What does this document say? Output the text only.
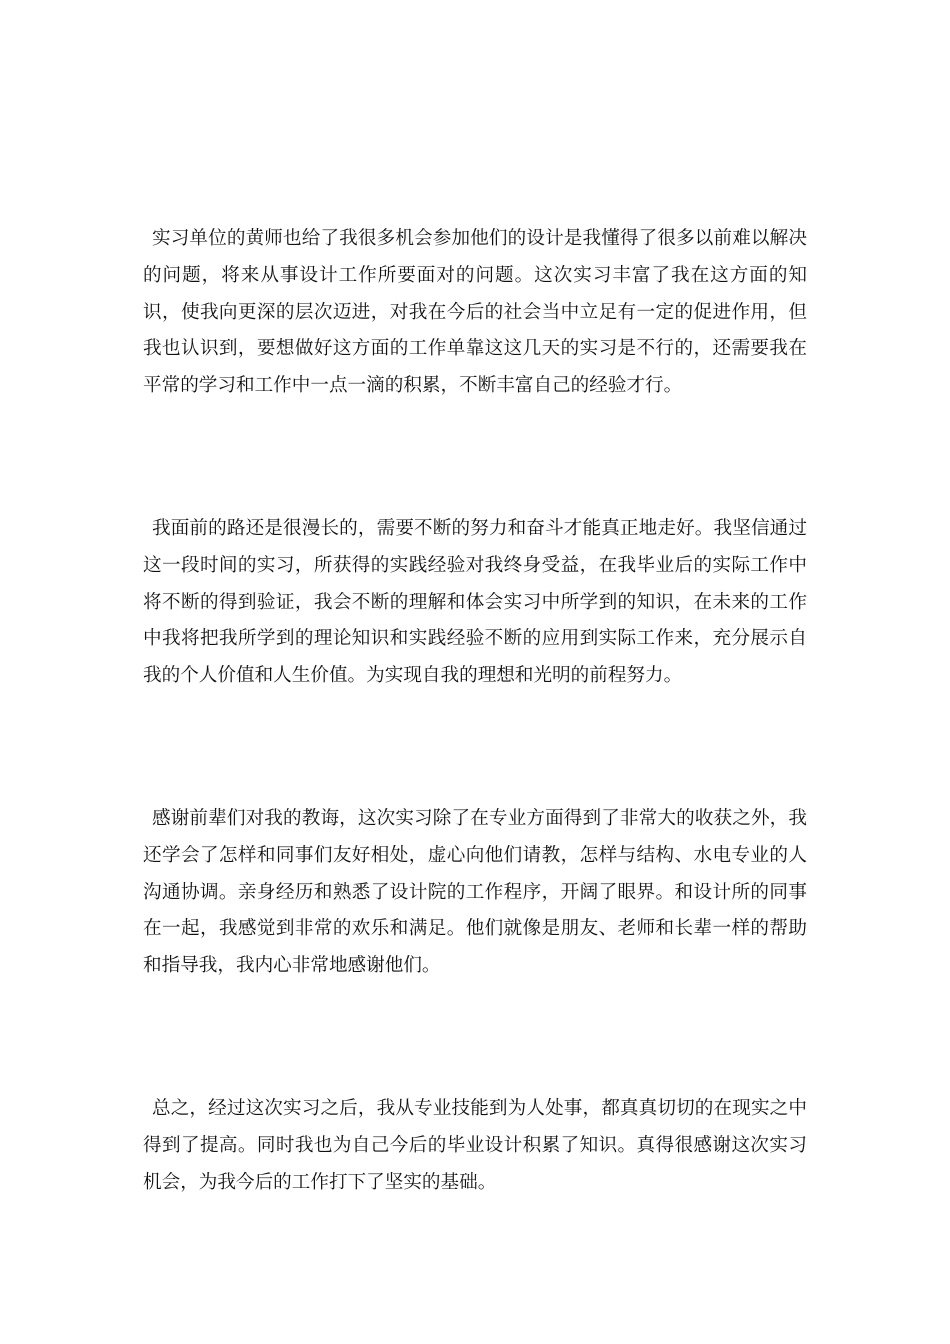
实习单位的黄师也给了我很多机会参加他们的设计是我懂得了很多以前难以解决的问题，将来从事设计工作所要面对的问题。这次实习丰富了我在这方面的知识，使我向更深的层次迈进，对我在今后的社会当中立足有一定的促进作用，但我也认识到，要想做好这方面的工作单靠这这几天的实习是不行的，还需要我在平常的学习和工作中一点一滴的积累，不断丰富自己的经验才行。

我面前的路还是很漫长的，需要不断的努力和奋斗才能真正地走好。我坚信通过这一段时间的实习，所获得的实践经验对我终身受益，在我毕业后的实际工作中将不断的得到验证，我会不断的理解和体会实习中所学到的知识，在未来的工作中我将把我所学到的理论知识和实践经验不断的应用到实际工作来，充分展示自我的个人价值和人生价值。为实现自我的理想和光明的前程努力。

感谢前辈们对我的教诲，这次实习除了在专业方面得到了非常大的收获之外，我还学会了怎样和同事们友好相处，虚心向他们请教，怎样与结构、水电专业的人沟通协调。亲身经历和熟悉了设计院的工作程序，开阔了眼界。和设计所的同事在一起，我感觉到非常的欢乐和满足。他们就像是朋友、老师和长辈一样的帮助和指导我，我内心非常地感谢他们。

总之，经过这次实习之后，我从专业技能到为人处事，都真真切切的在现实之中得到了提高。同时我也为自己今后的毕业设计积累了知识。真得很感谢这次实习机会，为我今后的工作打下了坚实的基础。
